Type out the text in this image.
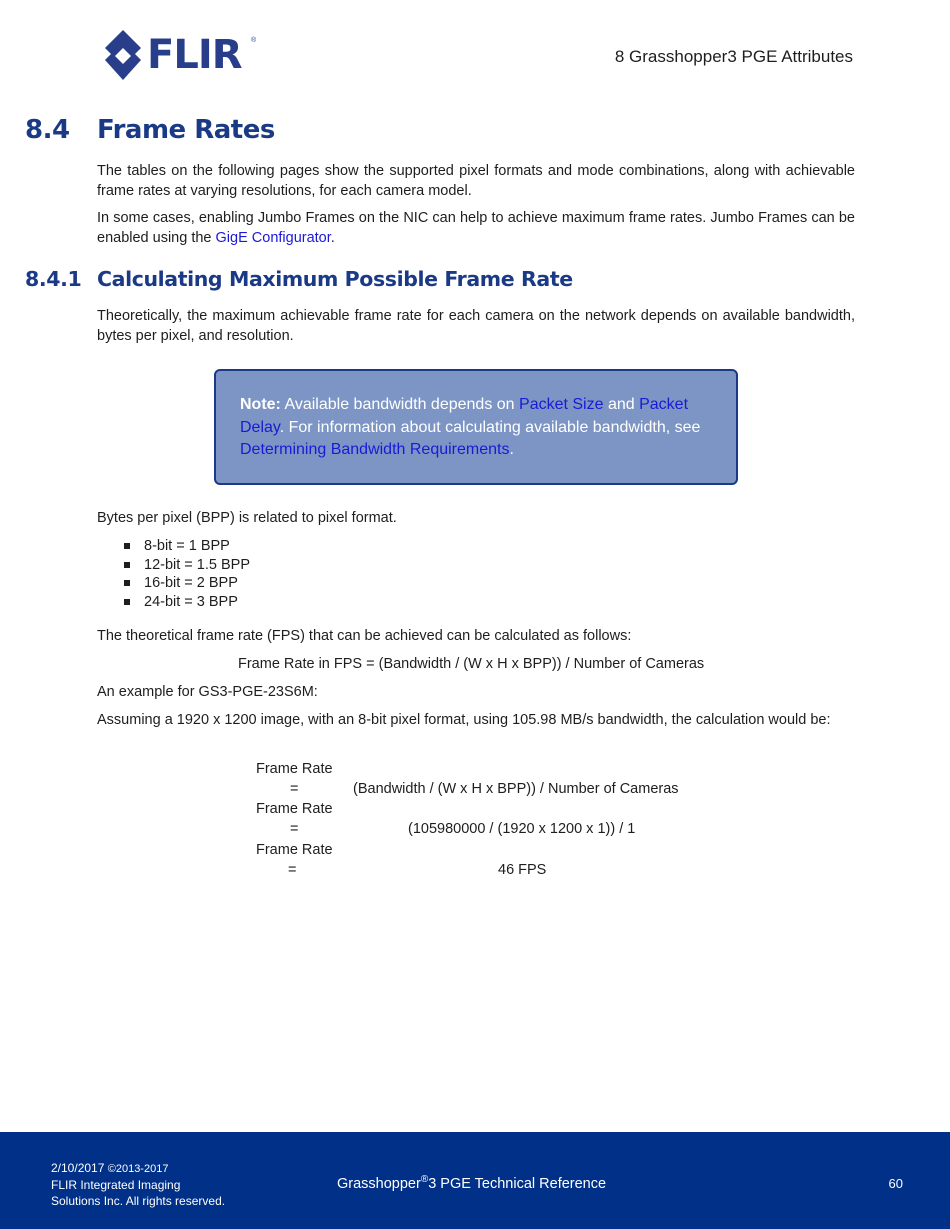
FLIR ®
8 Grasshopper3 PGE Attributes
8.4 Frame Rates

The tables on the following pages show the supported pixel formats and mode combinations, along with achievable frame rates at varying resolutions, for each camera model.

In some cases, enabling Jumbo Frames on the NIC can help to achieve maximum frame rates. Jumbo Frames can be enabled using the GigE Configurator.

8.4.1 Calculating Maximum Possible Frame Rate

Theoretically, the maximum achievable frame rate for each camera on the network depends on available bandwidth, bytes per pixel, and resolution.

Note: Available bandwidth depends on Packet Size and Packet Delay. For information about calculating available bandwidth, see Determining Bandwidth Requirements.
Bytes per pixel (BPP) is related to pixel format.
8-bit = 1 BPP
12-bit = 1.5 BPP
16-bit = 2 BPP
24-bit = 3 BPP
The theoretical frame rate (FPS) that can be achieved can be calculated as follows:
Frame Rate in FPS = (Bandwidth / (W x H x BPP)) / Number of Cameras
An example for GS3-PGE-23S6M:

Assuming a 1920 x 1200 image, with an 8-bit pixel format, using 105.98 MB/s bandwidth, the calculation would be:

Frame Rate
=	(Bandwidth / (W x H x BPP)) / Number of Cameras
Frame Rate
=	(105980000 / (1920 x 1200 x 1)) / 1
Frame Rate
=	46 FPS
2/10/2017 ©2013-2017
FLIR Integrated Imaging
Solutions Inc. All rights reserved.
Grasshopper®3 PGE Technical Reference	60
